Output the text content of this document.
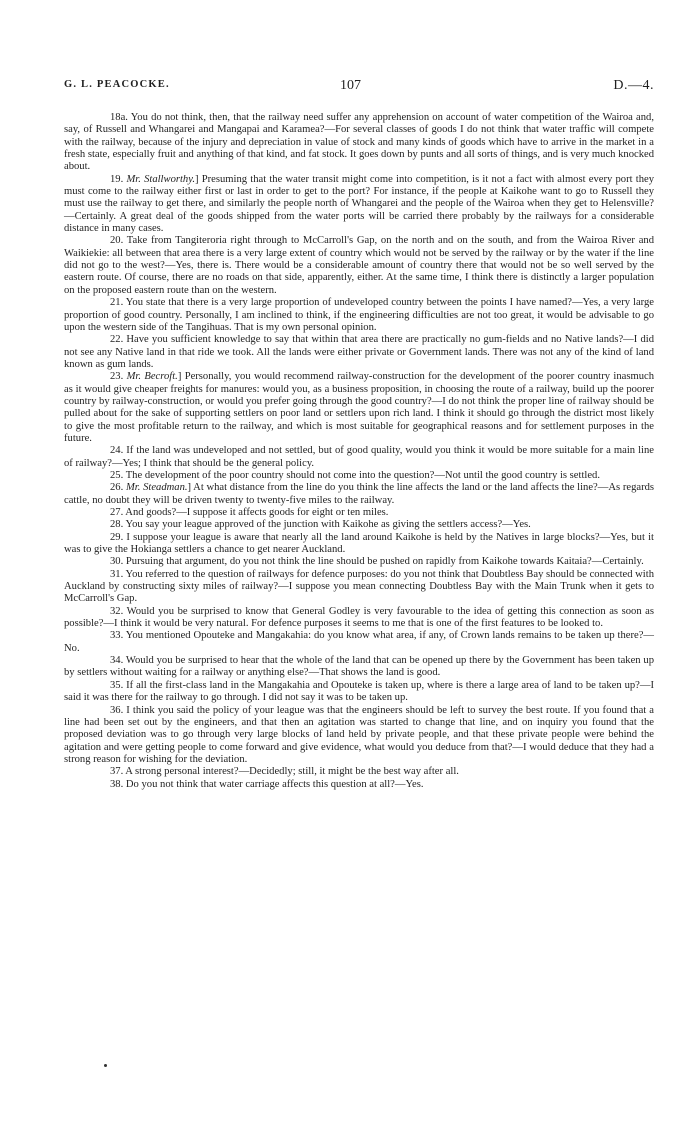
G. L. PEACOCKE.	107	D.—4.

18a. You do not think, then, that the railway need suffer any apprehension on account of water competition of the Wairoa and, say, of Russell and Whangarei and Mangapai and Karamea?—For several classes of goods I do not think that water traffic will compete with the railway, because of the injury and depreciation in value of stock and many kinds of goods which have to arrive in the market in a fresh state, especially fruit and anything of that kind, and fat stock. It goes down by punts and all sorts of things, and is very much knocked about.

19. Mr. Stallworthy.] Presuming that the water transit might come into competition, is it not a fact with almost every port they must come to the railway either first or last in order to get to the port? For instance, if the people at Kaikohe want to go to Russell they must use the railway to get there, and similarly the people north of Whangarei and the people of the Wairoa when they get to Helensville?—Certainly. A great deal of the goods shipped from the water ports will be carried there probably by the railways for a considerable distance in many cases.

20. Take from Tangiteroria right through to McCarroll's Gap, on the north and on the south, and from the Wairoa River and Waikiekie: all between that area there is a very large extent of country which would not be served by the railway or by the water if the line did not go to the west?—Yes, there is. There would be a considerable amount of country there that would not be so well served by the eastern route. Of course, there are no roads on that side, apparently, either. At the same time, I think there is distinctly a larger population on the proposed eastern route than on the western.

21. You state that there is a very large proportion of undeveloped country between the points I have named?—Yes, a very large proportion of good country. Personally, I am inclined to think, if the engineering difficulties are not too great, it would be advisable to go upon the western side of the Tangihuas. That is my own personal opinion.

22. Have you sufficient knowledge to say that within that area there are practically no gum-fields and no Native lands?—I did not see any Native land in that ride we took. All the lands were either private or Government lands. There was not any of the kind of land known as gum lands.

23. Mr. Becroft.] Personally, you would recommend railway-construction for the development of the poorer country inasmuch as it would give cheaper freights for manures: would you, as a business proposition, in choosing the route of a railway, build up the poorer country by railway-construction, or would you prefer going through the good country?—I do not think the proper line of railway should be pulled about for the sake of supporting settlers on poor land or settlers upon rich land. I think it should go through the district most likely to give the most profitable return to the railway, and which is most suitable for geographical reasons and for settlement purposes in the future.

24. If the land was undeveloped and not settled, but of good quality, would you think it would be more suitable for a main line of railway?—Yes; I think that should be the general policy.

25. The development of the poor country should not come into the question?—Not until the good country is settled.

26. Mr. Steadman.] At what distance from the line do you think the line affects the land or the land affects the line?—As regards cattle, no doubt they will be driven twenty to twenty-five miles to the railway.

27. And goods?—I suppose it affects goods for eight or ten miles.

28. You say your league approved of the junction with Kaikohe as giving the settlers access?—Yes.

29. I suppose your league is aware that nearly all the land around Kaikohe is held by the Natives in large blocks?—Yes, but it was to give the Hokianga settlers a chance to get nearer Auckland.

30. Pursuing that argument, do you not think the line should be pushed on rapidly from Kaikohe towards Kaitaia?—Certainly.

31. You referred to the question of railways for defence purposes: do you not think that Doubtless Bay should be connected with Auckland by constructing sixty miles of railway?—I suppose you mean connecting Doubtless Bay with the Main Trunk when it gets to McCarroll's Gap.

32. Would you be surprised to know that General Godley is very favourable to the idea of getting this connection as soon as possible?—I think it would be very natural. For defence purposes it seems to me that is one of the first features to be looked to.

33. You mentioned Opouteke and Mangakahia: do you know what area, if any, of Crown lands remains to be taken up there?—No.

34. Would you be surprised to hear that the whole of the land that can be opened up there by the Government has been taken up by settlers without waiting for a railway or anything else?—That shows the land is good.

35. If all the first-class land in the Mangakahia and Opouteke is taken up, where is there a large area of land to be taken up?—I said it was there for the railway to go through. I did not say it was to be taken up.

36. I think you said the policy of your league was that the engineers should be left to survey the best route. If you found that a line had been set out by the engineers, and that then an agitation was started to change that line, and on inquiry you found that the proposed deviation was to go through very large blocks of land held by private people, and that these private people were behind the agitation and were getting people to come forward and give evidence, what would you deduce from that?—I would deduce that they had a strong reason for wishing for the deviation.

37. A strong personal interest?—Decidedly; still, it might be the best way after all.

38. Do you not think that water carriage affects this question at all?—Yes.
